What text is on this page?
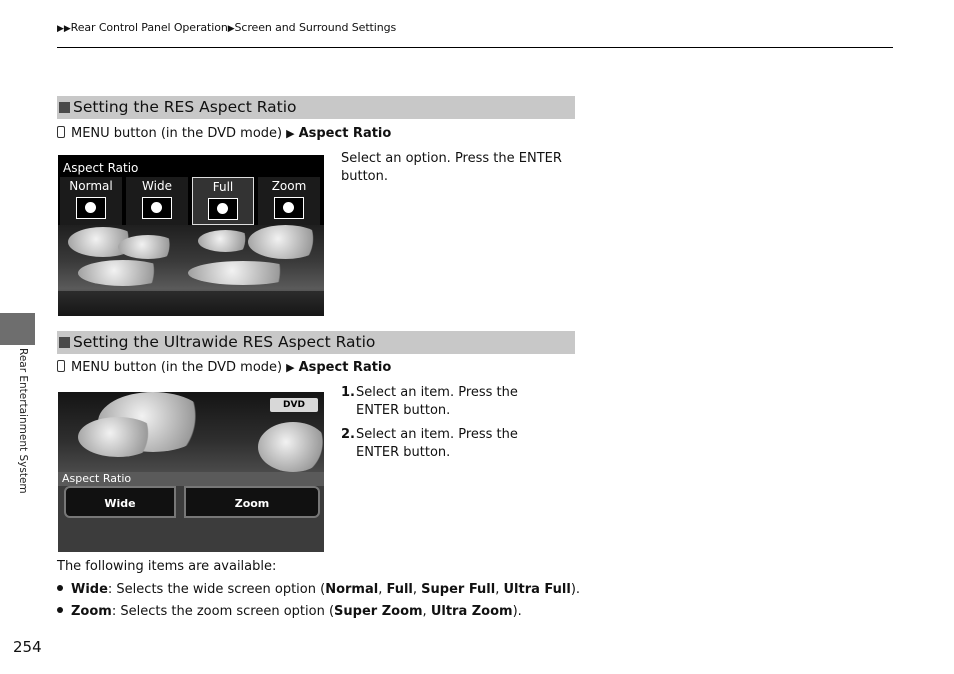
▶▶Rear Control Panel Operation▶Screen and Surround Settings
Setting the RES Aspect Ratio
MENU button (in the DVD mode) ▶ Aspect Ratio
Select an option. Press the ENTER button.
Aspect Ratio
Normal	Wide	Full	Zoom
Rear Entertainment System
Setting the Ultrawide RES Aspect Ratio
MENU button (in the DVD mode) ▶ Aspect Ratio
1. Select an item. Press the ENTER button.
2. Select an item. Press the ENTER button.
DVD
Aspect Ratio
Wide	Zoom
The following items are available:
Wide: Selects the wide screen option (Normal, Full, Super Full, Ultra Full).
Zoom: Selects the zoom screen option (Super Zoom, Ultra Zoom).
254
